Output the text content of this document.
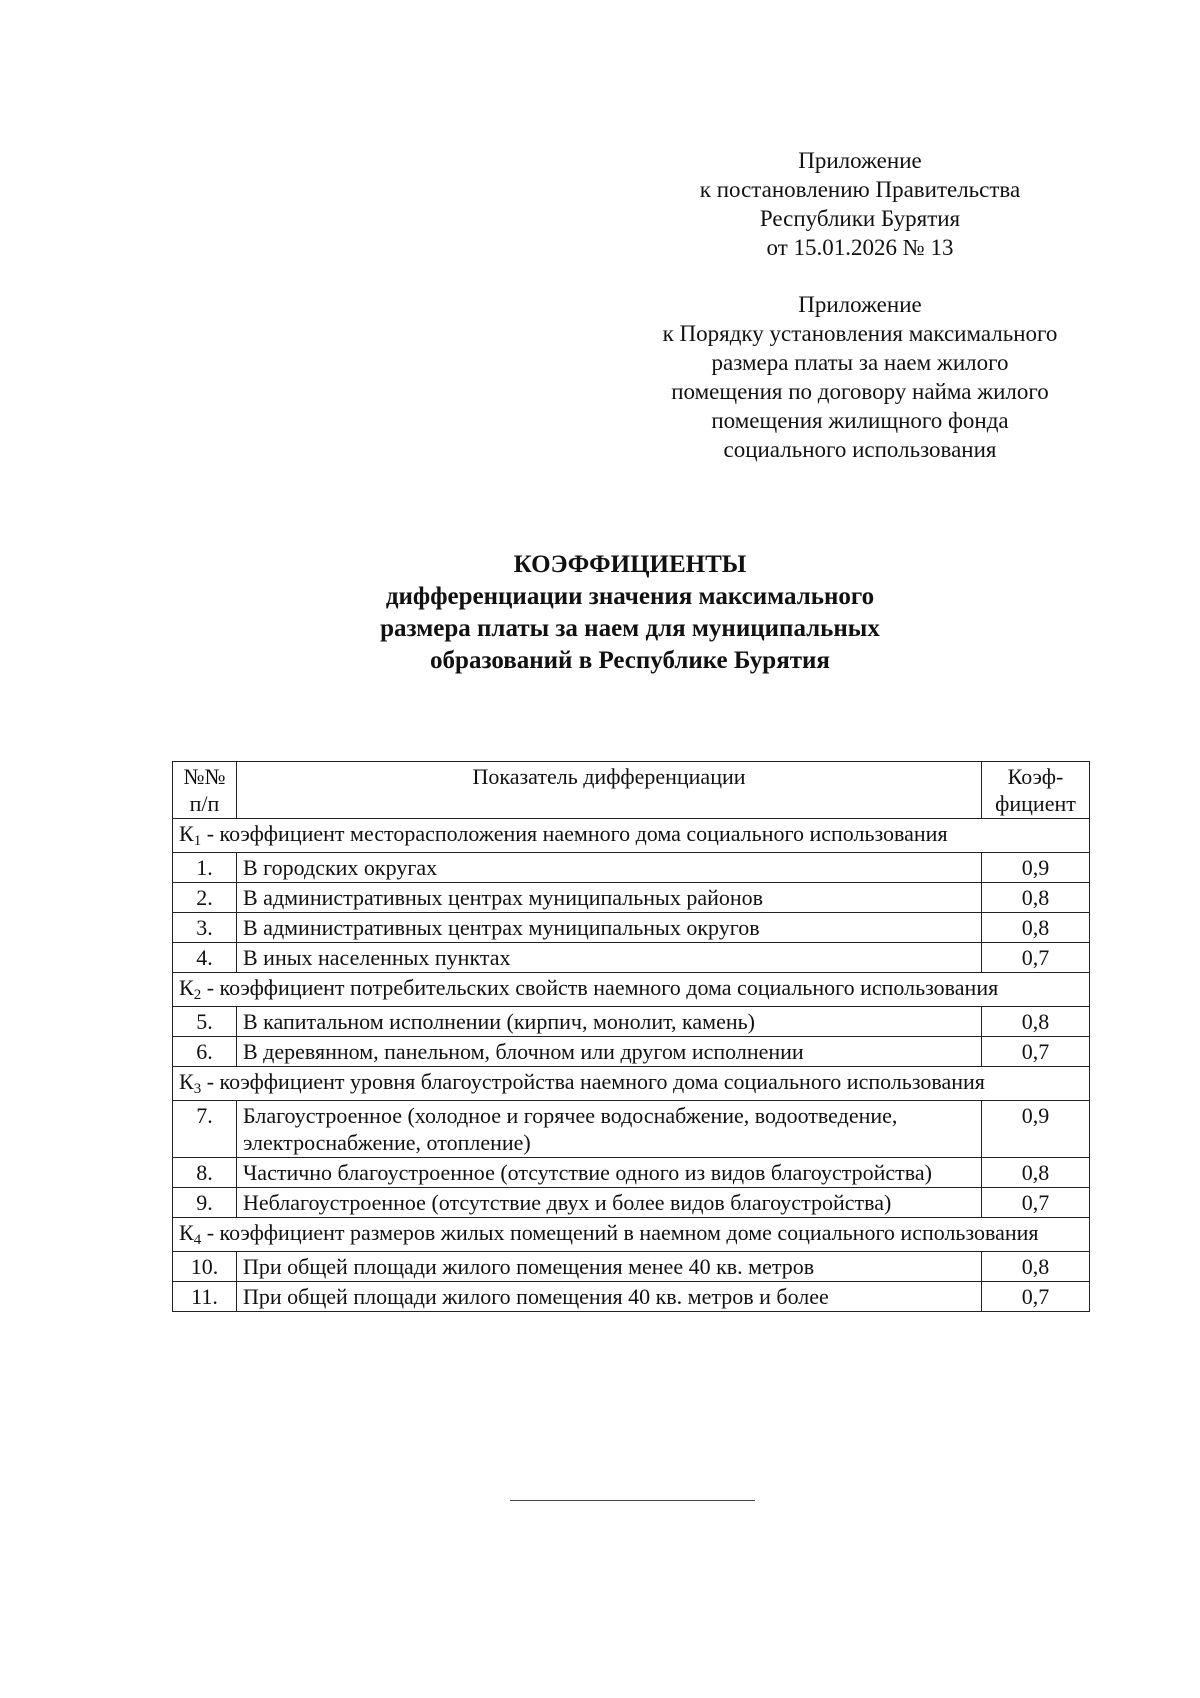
Приложение
к постановлению Правительства
Республики Бурятия
от 15.01.2026 № 13
Приложение
к Порядку установления максимального
размера платы за наем жилого
помещения по договору найма жилого
помещения жилищного фонда
социального использования
КОЭФФИЦИЕНТЫ
дифференциации значения максимального
размера платы за наем для муниципальных
образований в Республике Бурятия
№№ п/п	Показатель дифференциации	Коэф- фициент
К1 - коэффициент месторасположения наемного дома социального использования		
1.	В городских округах	0,9
2.	В административных центрах муниципальных районов	0,8
3.	В административных центрах муниципальных округов	0,8
4.	В иных населенных пунктах	0,7
К2 - коэффициент потребительских свойств наемного дома социального использования		
5.	В капитальном исполнении (кирпич, монолит, камень)	0,8
6.	В деревянном, панельном, блочном или другом исполнении	0,7
К3 - коэффициент уровня благоустройства наемного дома социального использования		
7.	Благоустроенное (холодное и горячее водоснабжение, водоотведение, электроснабжение, отопление)	0,9
8.	Частично благоустроенное (отсутствие одного из видов благоустройства)	0,8
9.	Неблагоустроенное (отсутствие двух и более видов благоустройства)	0,7
К4 - коэффициент размеров жилых помещений в наемном доме социального использования		
10.	При общей площади жилого помещения менее 40 кв. метров	0,8
11.	При общей площади жилого помещения 40 кв. метров и более	0,7
